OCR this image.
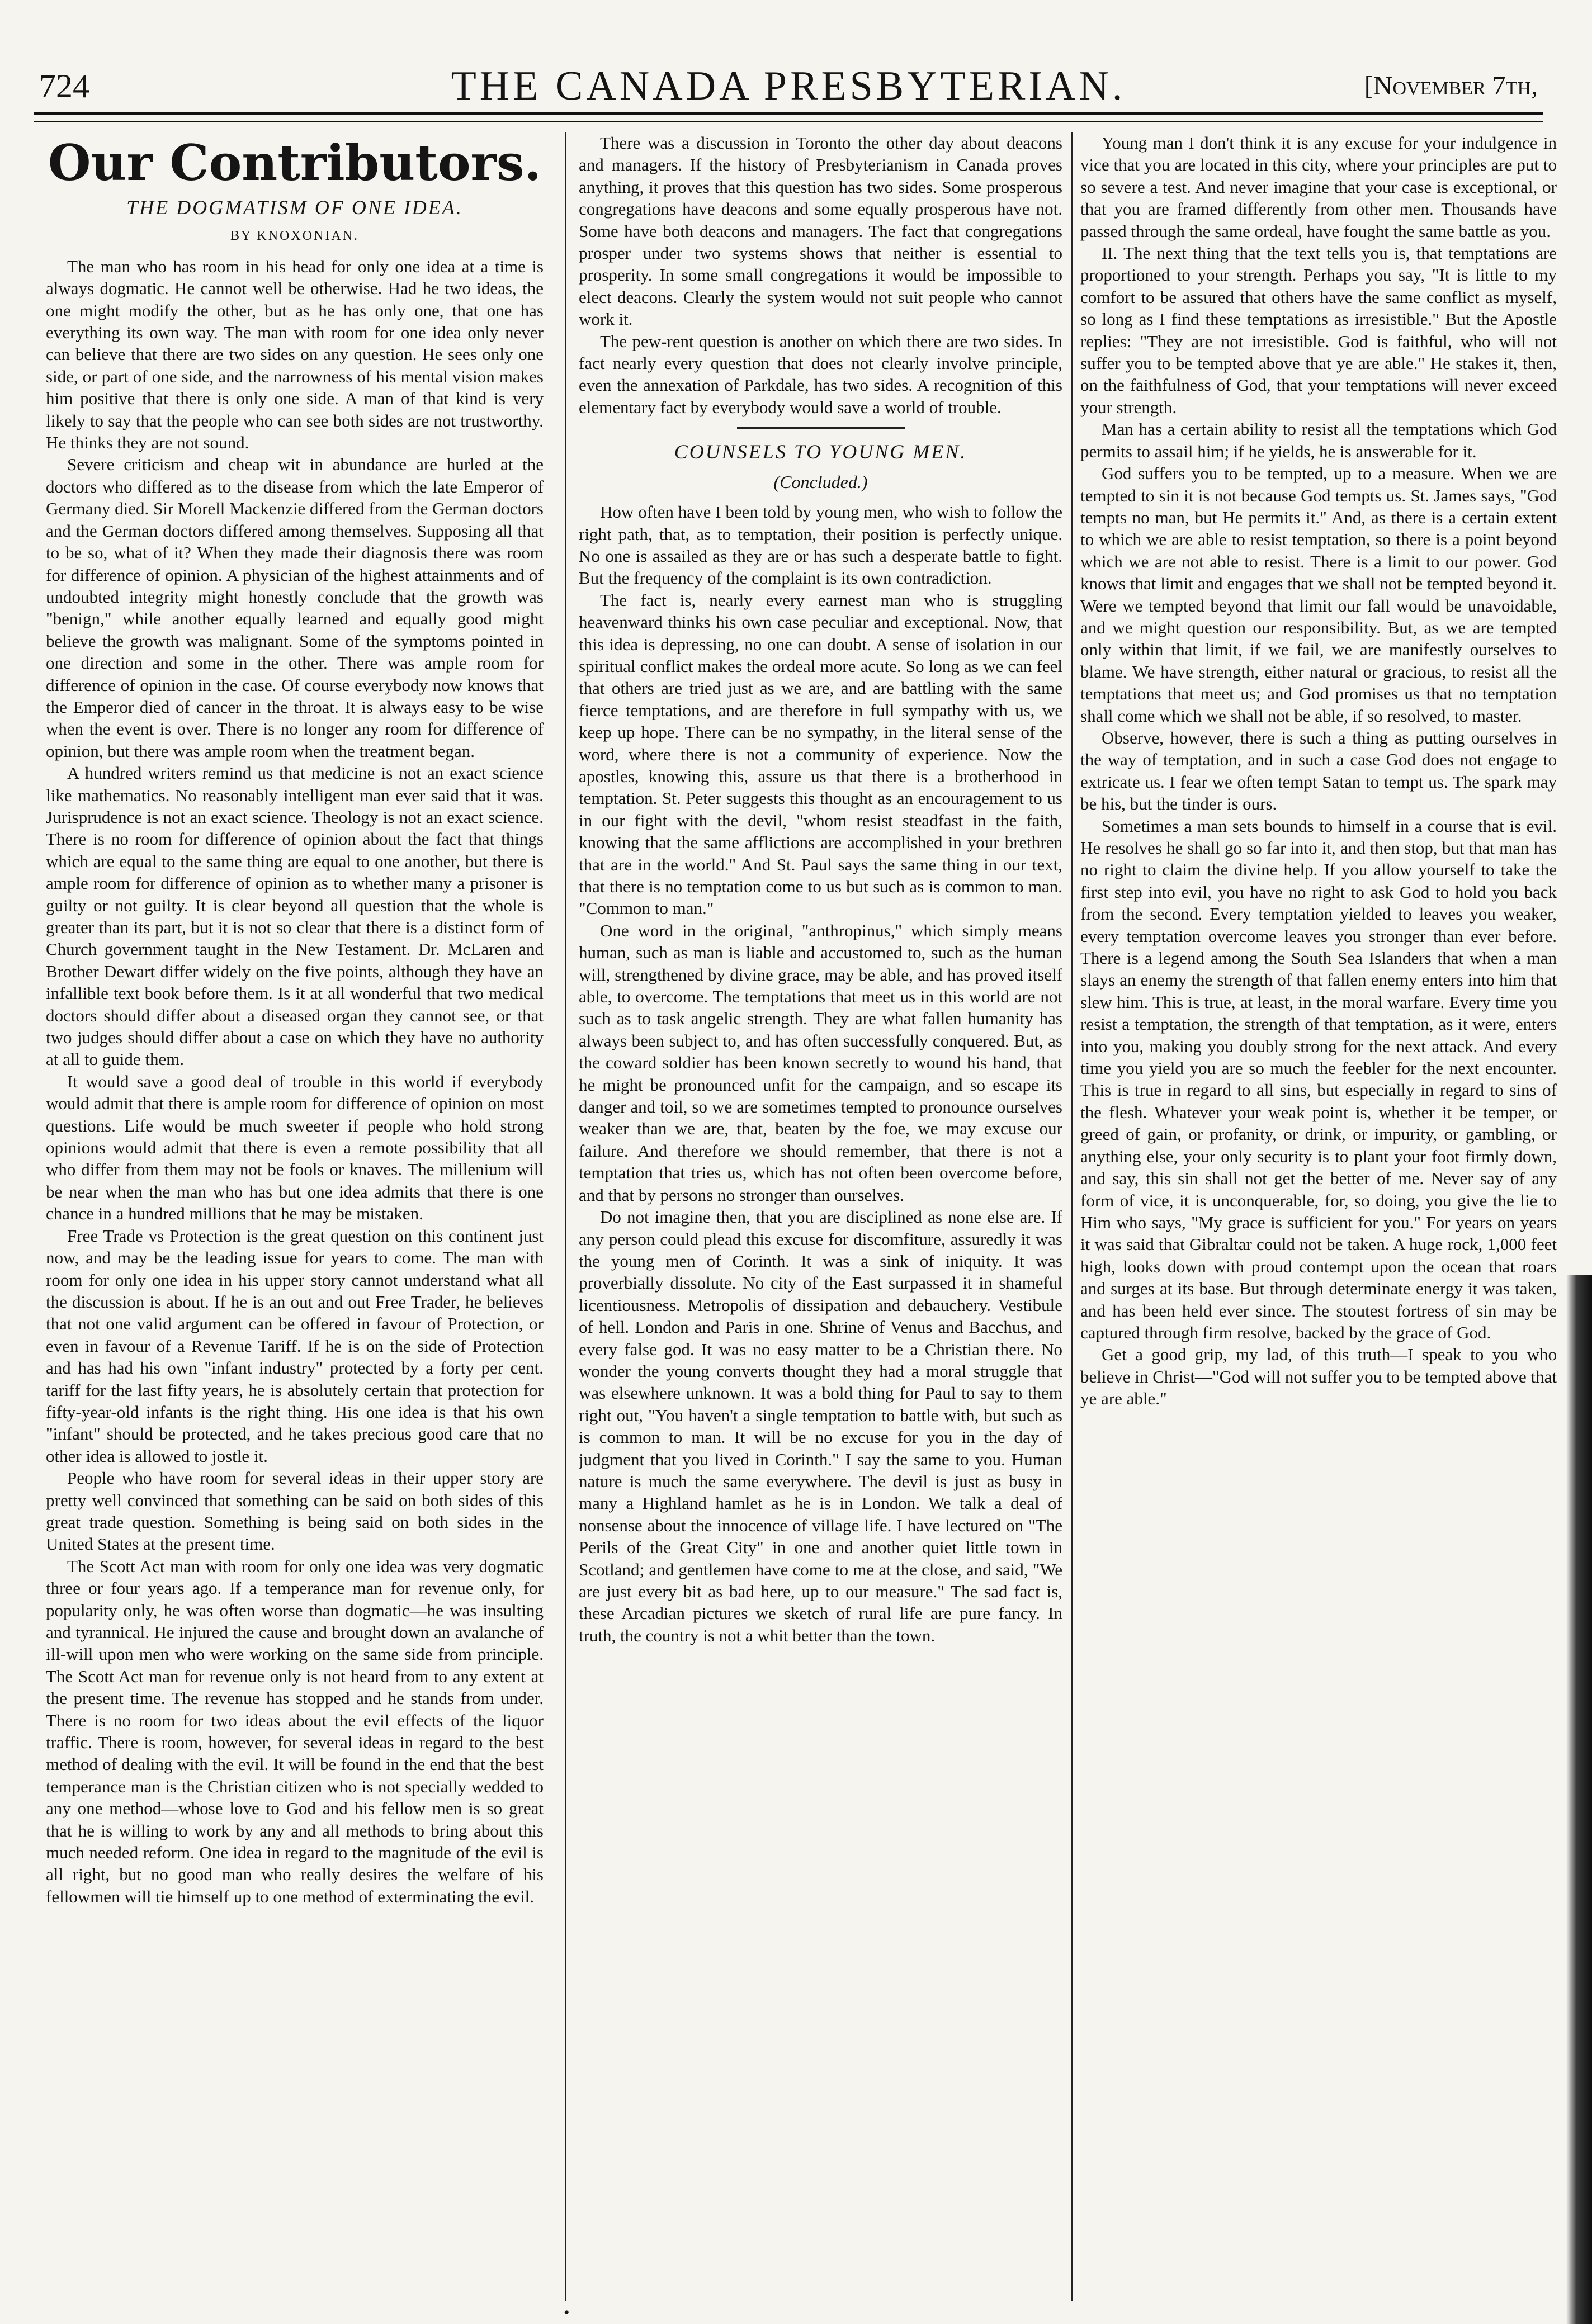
724	THE CANADA PRESBYTERIAN.	[November 7th,
Our Contributors.
THE DOGMATISM OF ONE IDEA.
BY KNOXONIAN.

The man who has room in his head for only one idea at a time is always dogmatic. He cannot well be otherwise. Had he two ideas, the one might modify the other, but as he has only one, that one has everything its own way. The man with room for one idea only never can believe that there are two sides on any question. He sees only one side, or part of one side, and the narrowness of his mental vision makes him positive that there is only one side. A man of that kind is very likely to say that the people who can see both sides are not trustworthy. He thinks they are not sound.

Severe criticism and cheap wit in abundance are hurled at the doctors who differed as to the disease from which the late Emperor of Germany died. Sir Morell Mackenzie differed from the German doctors and the German doctors differed among themselves. Supposing all that to be so, what of it? When they made their diagnosis there was room for difference of opinion. A physician of the highest attainments and of undoubted integrity might honestly conclude that the growth was "benign," while another equally learned and equally good might believe the growth was malignant. Some of the symptoms pointed in one direction and some in the other. There was ample room for difference of opinion in the case. Of course everybody now knows that the Emperor died of cancer in the throat. It is always easy to be wise when the event is over. There is no longer any room for difference of opinion, but there was ample room when the treatment began.

A hundred writers remind us that medicine is not an exact science like mathematics. No reasonably intelligent man ever said that it was. Jurisprudence is not an exact science. Theology is not an exact science. There is no room for difference of opinion about the fact that things which are equal to the same thing are equal to one another, but there is ample room for difference of opinion as to whether many a prisoner is guilty or not guilty. It is clear beyond all question that the whole is greater than its part, but it is not so clear that there is a distinct form of Church government taught in the New Testament. Dr. McLaren and Brother Dewart differ widely on the five points, although they have an infallible text book before them. Is it at all wonderful that two medical doctors should differ about a diseased organ they cannot see, or that two judges should differ about a case on which they have no authority at all to guide them.

It would save a good deal of trouble in this world if everybody would admit that there is ample room for difference of opinion on most questions. Life would be much sweeter if people who hold strong opinions would admit that there is even a remote possibility that all who differ from them may not be fools or knaves. The millenium will be near when the man who has but one idea admits that there is one chance in a hundred millions that he may be mistaken.

Free Trade vs Protection is the great question on this continent just now, and may be the leading issue for years to come. The man with room for only one idea in his upper story cannot understand what all the discussion is about. If he is an out and out Free Trader, he believes that not one valid argument can be offered in favour of Protection, or even in favour of a Revenue Tariff. If he is on the side of Protection and has had his own "infant industry" protected by a forty per cent. tariff for the last fifty years, he is absolutely certain that protection for fifty-year-old infants is the right thing. His one idea is that his own "infant" should be protected, and he takes precious good care that no other idea is allowed to jostle it.

People who have room for several ideas in their upper story are pretty well convinced that something can be said on both sides of this great trade question. Something is being said on both sides in the United States at the present time.

The Scott Act man with room for only one idea was very dogmatic three or four years ago. If a temperance man for revenue only, for popularity only, he was often worse than dogmatic—he was insulting and tyrannical. He injured the cause and brought down an avalanche of ill-will upon men who were working on the same side from principle. The Scott Act man for revenue only is not heard from to any extent at the present time. The revenue has stopped and he stands from under. There is no room for two ideas about the evil effects of the liquor traffic. There is room, however, for several ideas in regard to the best method of dealing with the evil. It will be found in the end that the best temperance man is the Christian citizen who is not specially wedded to any one method—whose love to God and his fellow men is so great that he is willing to work by any and all methods to bring about this much needed reform. One idea in regard to the magnitude of the evil is all right, but no good man who really desires the welfare of his fellowmen will tie himself up to one method of exterminating the evil.

There was a discussion in Toronto the other day about deacons and managers. If the history of Presbyterianism in Canada proves anything, it proves that this question has two sides. Some prosperous congregations have deacons and some equally prosperous have not. Some have both deacons and managers. The fact that congregations prosper under two systems shows that neither is essential to prosperity. In some small congregations it would be impossible to elect deacons. Clearly the system would not suit people who cannot work it.

The pew-rent question is another on which there are two sides. In fact nearly every question that does not clearly involve principle, even the annexation of Parkdale, has two sides. A recognition of this elementary fact by everybody would save a world of trouble.

COUNSELS TO YOUNG MEN.
(Concluded.)

How often have I been told by young men, who wish to follow the right path, that, as to temptation, their position is perfectly unique. No one is assailed as they are or has such a desperate battle to fight. But the frequency of the complaint is its own contradiction.

The fact is, nearly every earnest man who is struggling heavenward thinks his own case peculiar and exceptional. Now, that this idea is depressing, no one can doubt. A sense of isolation in our spiritual conflict makes the ordeal more acute. So long as we can feel that others are tried just as we are, and are battling with the same fierce temptations, and are therefore in full sympathy with us, we keep up hope. There can be no sympathy, in the literal sense of the word, where there is not a community of experience. Now the apostles, knowing this, assure us that there is a brotherhood in temptation. St. Peter suggests this thought as an encouragement to us in our fight with the devil, "whom resist steadfast in the faith, knowing that the same afflictions are accomplished in your brethren that are in the world." And St. Paul says the same thing in our text, that there is no temptation come to us but such as is common to man. "Common to man."

One word in the original, "anthropinus," which simply means human, such as man is liable and accustomed to, such as the human will, strengthened by divine grace, may be able, and has proved itself able, to overcome. The temptations that meet us in this world are not such as to task angelic strength. They are what fallen humanity has always been subject to, and has often successfully conquered. But, as the coward soldier has been known secretly to wound his hand, that he might be pronounced unfit for the campaign, and so escape its danger and toil, so we are sometimes tempted to pronounce ourselves weaker than we are, that, beaten by the foe, we may excuse our failure. And therefore we should remember, that there is not a temptation that tries us, which has not often been overcome before, and that by persons no stronger than ourselves.

Do not imagine then, that you are disciplined as none else are. If any person could plead this excuse for discomfiture, assuredly it was the young men of Corinth. It was a sink of iniquity. It was proverbially dissolute. No city of the East surpassed it in shameful licentiousness. Metropolis of dissipation and debauchery. Vestibule of hell. London and Paris in one. Shrine of Venus and Bacchus, and every false god. It was no easy matter to be a Christian there. No wonder the young converts thought they had a moral struggle that was elsewhere unknown. It was a bold thing for Paul to say to them right out, "You haven't a single temptation to battle with, but such as is common to man. It will be no excuse for you in the day of judgment that you lived in Corinth." I say the same to you. Human nature is much the same everywhere. The devil is just as busy in many a Highland hamlet as he is in London. We talk a deal of nonsense about the innocence of village life. I have lectured on "The Perils of the Great City" in one and another quiet little town in Scotland; and gentlemen have come to me at the close, and said, "We are just every bit as bad here, up to our measure." The sad fact is, these Arcadian pictures we sketch of rural life are pure fancy. In truth, the country is not a whit better than the town.

Young man I don't think it is any excuse for your indulgence in vice that you are located in this city, where your principles are put to so severe a test. And never imagine that your case is exceptional, or that you are framed differently from other men. Thousands have passed through the same ordeal, have fought the same battle as you.

II. The next thing that the text tells you is, that temptations are proportioned to your strength. Perhaps you say, "It is little to my comfort to be assured that others have the same conflict as myself, so long as I find these temptations as irresistible." But the Apostle replies: "They are not irresistible. God is faithful, who will not suffer you to be tempted above that ye are able." He stakes it, then, on the faithfulness of God, that your temptations will never exceed your strength.

Man has a certain ability to resist all the temptations which God permits to assail him; if he yields, he is answerable for it.

God suffers you to be tempted, up to a measure. When we are tempted to sin it is not because God tempts us. St. James says, "God tempts no man, but He permits it." And, as there is a certain extent to which we are able to resist temptation, so there is a point beyond which we are not able to resist. There is a limit to our power. God knows that limit and engages that we shall not be tempted beyond it. Were we tempted beyond that limit our fall would be unavoidable, and we might question our responsibility. But, as we are tempted only within that limit, if we fail, we are manifestly ourselves to blame. We have strength, either natural or gracious, to resist all the temptations that meet us; and God promises us that no temptation shall come which we shall not be able, if so resolved, to master.

Observe, however, there is such a thing as putting ourselves in the way of temptation, and in such a case God does not engage to extricate us. I fear we often tempt Satan to tempt us. The spark may be his, but the tinder is ours.

Sometimes a man sets bounds to himself in a course that is evil. He resolves he shall go so far into it, and then stop, but that man has no right to claim the divine help. If you allow yourself to take the first step into evil, you have no right to ask God to hold you back from the second. Every temptation yielded to leaves you weaker, every temptation overcome leaves you stronger than ever before. There is a legend among the South Sea Islanders that when a man slays an enemy the strength of that fallen enemy enters into him that slew him. This is true, at least, in the moral warfare. Every time you resist a temptation, the strength of that temptation, as it were, enters into you, making you doubly strong for the next attack. And every time you yield you are so much the feebler for the next encounter. This is true in regard to all sins, but especially in regard to sins of the flesh. Whatever your weak point is, whether it be temper, or greed of gain, or profanity, or drink, or impurity, or gambling, or anything else, your only security is to plant your foot firmly down, and say, this sin shall not get the better of me. Never say of any form of vice, it is unconquerable, for, so doing, you give the lie to Him who says, "My grace is sufficient for you." For years on years it was said that Gibraltar could not be taken. A huge rock, 1,000 feet high, looks down with proud contempt upon the ocean that roars and surges at its base. But through determinate energy it was taken, and has been held ever since. The stoutest fortress of sin may be captured through firm resolve, backed by the grace of God.

Get a good grip, my lad, of this truth—I speak to you who believe in Christ—"God will not suffer you to be tempted above that ye are able."

•
